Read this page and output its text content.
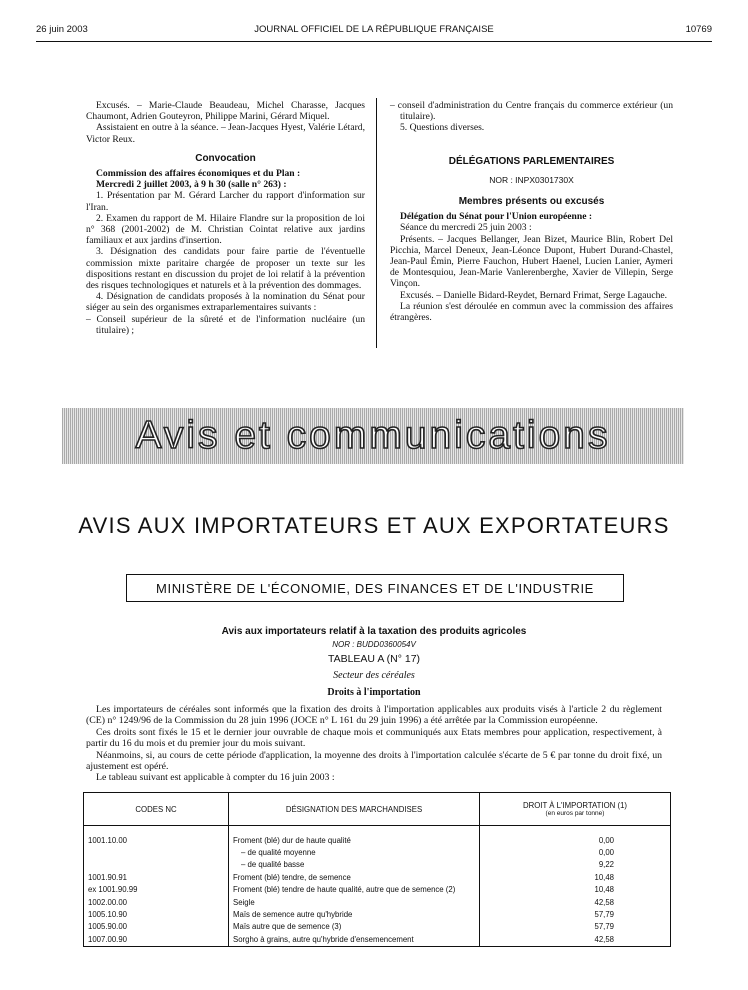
26 juin 2003	JOURNAL OFFICIEL DE LA RÉPUBLIQUE FRANÇAISE	10769

Excusés. – Marie-Claude Beaudeau, Michel Charasse, Jacques Chaumont, Adrien Gouteyron, Philippe Marini, Gérard Miquel.

Assistaient en outre à la séance. – Jean-Jacques Hyest, Valérie Létard, Victor Reux.

Convocation

Commission des affaires économiques et du Plan :

Mercredi 2 juillet 2003, à 9 h 30 (salle n° 263) :

1. Présentation par M. Gérard Larcher du rapport d'information sur l'Iran.

2. Examen du rapport de M. Hilaire Flandre sur la proposition de loi n° 368 (2001-2002) de M. Christian Cointat relative aux jardins familiaux et aux jardins d'insertion.

3. Désignation des candidats pour faire partie de l'éventuelle commission mixte paritaire chargée de proposer un texte sur les dispositions restant en discussion du projet de loi relatif à la prévention des risques technologiques et naturels et à la prévention des dommages.

4. Désignation de candidats proposés à la nomination du Sénat pour siéger au sein des organismes extraparlementaires suivants :

– Conseil supérieur de la sûreté et de l'information nucléaire (un titulaire) ;

– conseil d'administration du Centre français du commerce extérieur (un titulaire).

5. Questions diverses.

DÉLÉGATIONS PARLEMENTAIRES

NOR : INPX0301730X

Membres présents ou excusés

Délégation du Sénat pour l'Union européenne :

Séance du mercredi 25 juin 2003 :

Présents. – Jacques Bellanger, Jean Bizet, Maurice Blin, Robert Del Picchia, Marcel Deneux, Jean-Léonce Dupont, Hubert Durand-Chastel, Jean-Paul Émin, Pierre Fauchon, Hubert Haenel, Lucien Lanier, Aymeri de Montesquiou, Jean-Marie Vanlerenberghe, Xavier de Villepin, Serge Vinçon.

Excusés. – Danielle Bidard-Reydet, Bernard Frimat, Serge Lagauche.

La réunion s'est déroulée en commun avec la commission des affaires étrangères.

Avis et communications
AVIS AUX IMPORTATEURS ET AUX EXPORTATEURS
MINISTÈRE DE L'ÉCONOMIE, DES FINANCES ET DE L'INDUSTRIE
Avis aux importateurs relatif à la taxation des produits agricoles
NOR : BUDD0360054V
TABLEAU A (N° 17)
Secteur des céréales
Droits à l'importation

Les importateurs de céréales sont informés que la fixation des droits à l'importation applicables aux produits visés à l'article 2 du règlement (CE) n° 1249/96 de la Commission du 28 juin 1996 (JOCE n° L 161 du 29 juin 1996) a été arrêtée par la Commission européenne.

Ces droits sont fixés le 15 et le dernier jour ouvrable de chaque mois et communiqués aux Etats membres pour application, respectivement, à partir du 16 du mois et du premier jour du mois suivant.

Néanmoins, si, au cours de cette période d'application, la moyenne des droits à l'importation calculée s'écarte de 5 € par tonne du droit fixé, un ajustement est opéré.

Le tableau suivant est applicable à compter du 16 juin 2003 :

CODES NC	DÉSIGNATION DES MARCHANDISES	DROIT À L'IMPORTATION (1)
(en euros par tonne)

1001.10.00	Froment (blé) dur de haute qualité	0,00
	– de qualité moyenne	0,00
	– de qualité basse	9,22
1001.90.91	Froment (blé) tendre, de semence	10,48
ex 1001.90.99	Froment (blé) tendre de haute qualité, autre que de semence (2)	10,48
1002.00.00	Seigle	42,58
1005.10.90	Maïs de semence autre qu'hybride	57,79
1005.90.00	Maïs autre que de semence (3)	57,79
1007.00.90	Sorgho à grains, autre qu'hybride d'ensemencement	42,58
